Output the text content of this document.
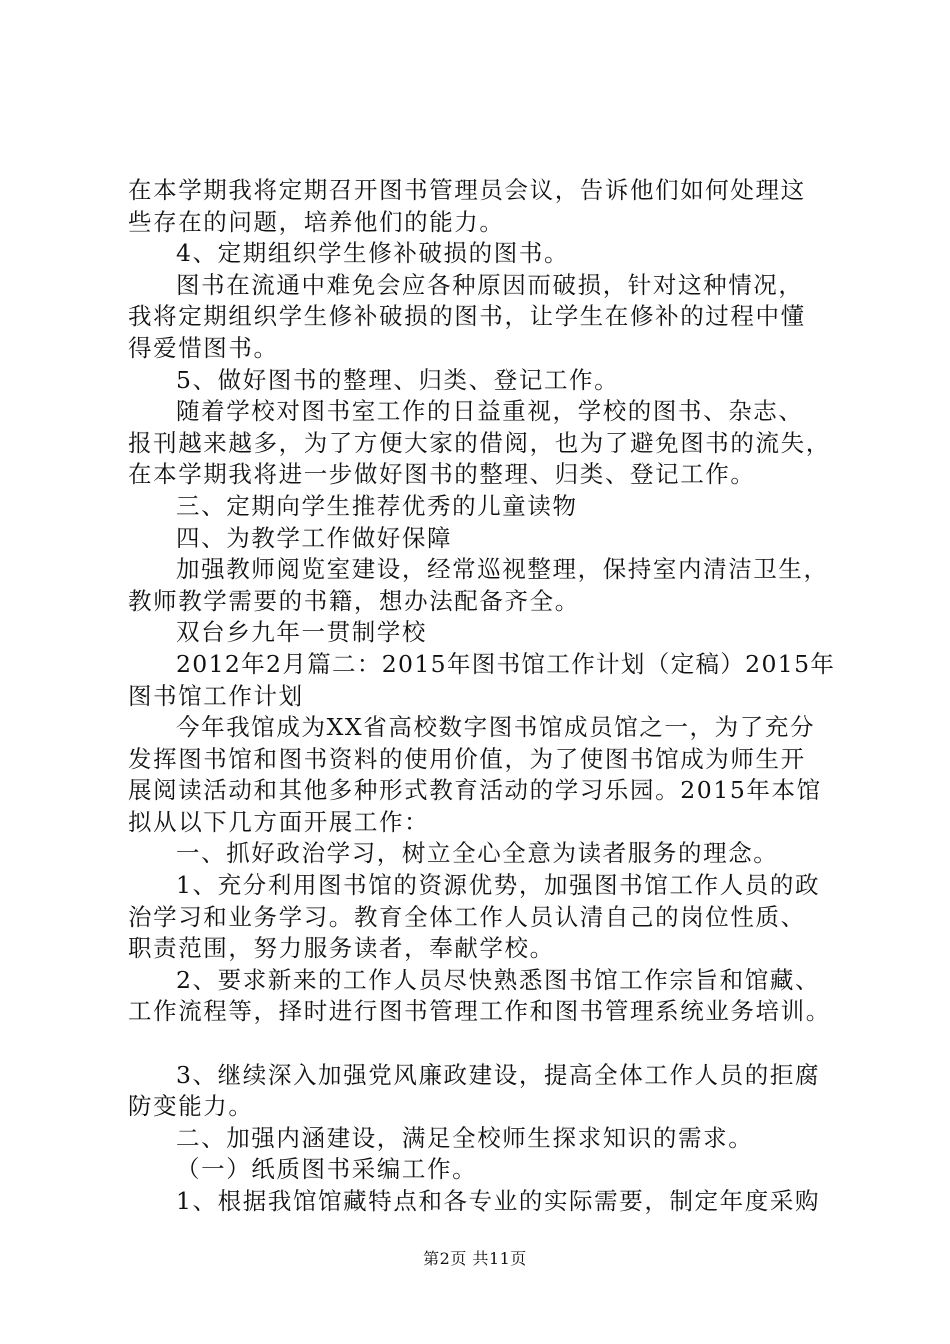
在本学期我将定期召开图书管理员会议，告诉他们如何处理这
些存在的问题，培养他们的能力。
4、定期组织学生修补破损的图书。
图书在流通中难免会应各种原因而破损，针对这种情况，
我将定期组织学生修补破损的图书，让学生在修补的过程中懂
得爱惜图书。
5、做好图书的整理、归类、登记工作。
随着学校对图书室工作的日益重视，学校的图书、杂志、
报刊越来越多，为了方便大家的借阅，也为了避免图书的流失，
在本学期我将进一步做好图书的整理、归类、登记工作。
三、定期向学生推荐优秀的儿童读物
四、为教学工作做好保障
加强教师阅览室建设，经常巡视整理，保持室内清洁卫生，
教师教学需要的书籍，想办法配备齐全。
双台乡九年一贯制学校
2012年2月篇二：2015年图书馆工作计划（定稿）2015年
图书馆工作计划
今年我馆成为XX省高校数字图书馆成员馆之一，为了充分
发挥图书馆和图书资料的使用价值，为了使图书馆成为师生开
展阅读活动和其他多种形式教育活动的学习乐园。2015年本馆
拟从以下几方面开展工作：
一、抓好政治学习，树立全心全意为读者服务的理念。
1、充分利用图书馆的资源优势，加强图书馆工作人员的政
治学习和业务学习。教育全体工作人员认清自己的岗位性质、
职责范围，努力服务读者，奉献学校。
2、要求新来的工作人员尽快熟悉图书馆工作宗旨和馆藏、
工作流程等，择时进行图书管理工作和图书管理系统业务培训。
3、继续深入加强党风廉政建设，提高全体工作人员的拒腐
防变能力。
二、加强内涵建设，满足全校师生探求知识的需求。
（一）纸质图书采编工作。
1、根据我馆馆藏特点和各专业的实际需要，制定年度采购
第2页 共11页
